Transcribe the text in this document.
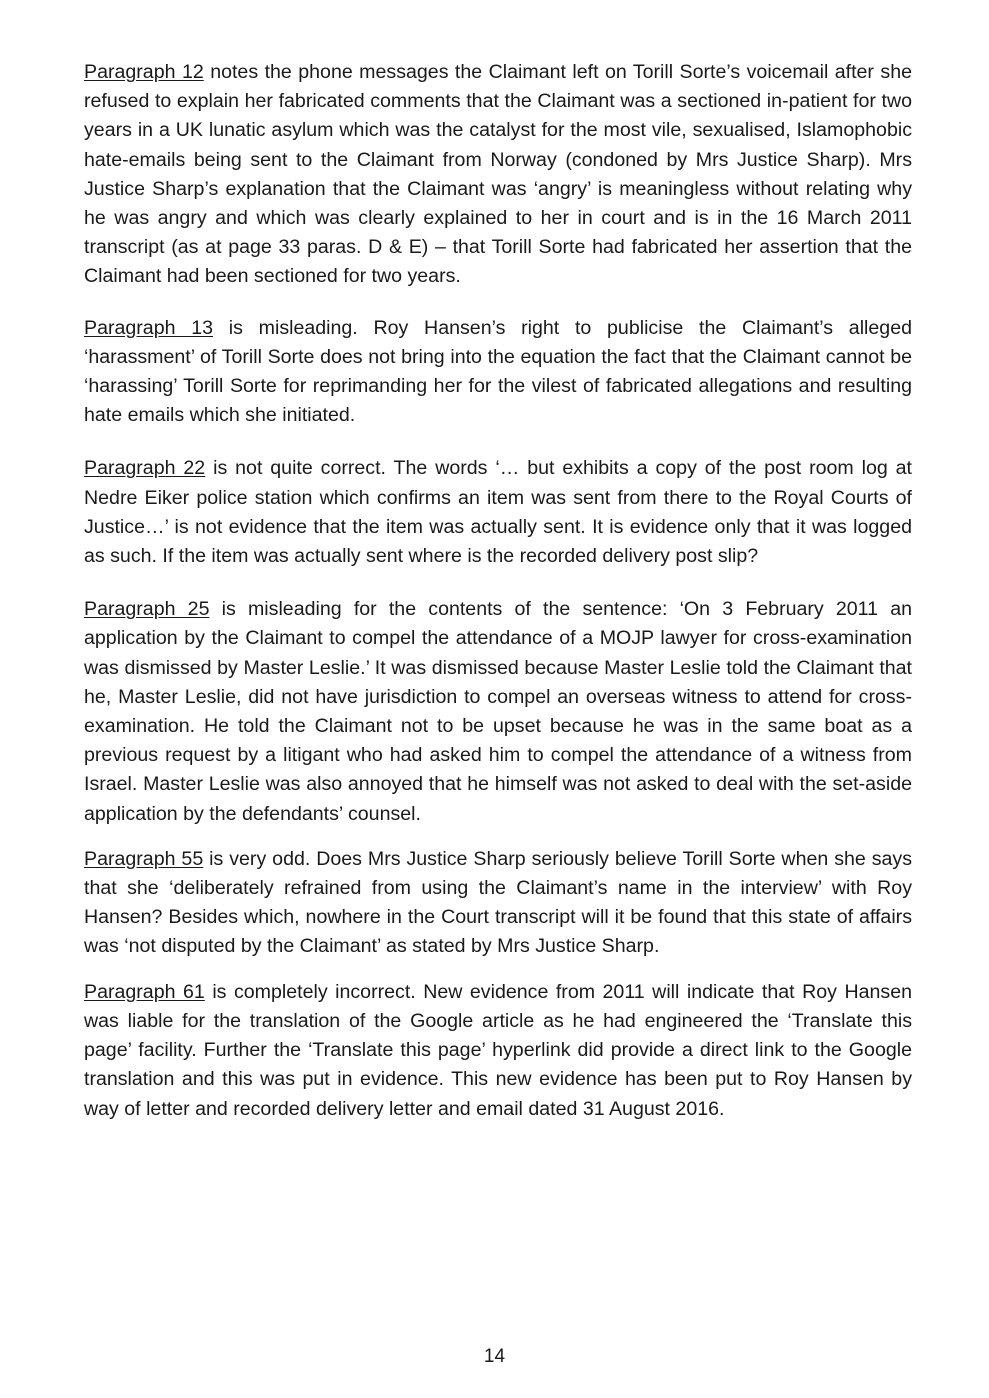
Paragraph 12 notes the phone messages the Claimant left on Torill Sorte’s voicemail after she refused to explain her fabricated comments that the Claimant was a sectioned in-patient for two years in a UK lunatic asylum which was the catalyst for the most vile, sexualised, Islamophobic hate-emails being sent to the Claimant from Norway (condoned by Mrs Justice Sharp). Mrs Justice Sharp’s explanation that the Claimant was ‘angry’ is meaningless without relating why he was angry and which was clearly explained to her in court and is in the 16 March 2011 transcript (as at page 33 paras. D & E) – that Torill Sorte had fabricated her assertion that the Claimant had been sectioned for two years.

Paragraph 13 is misleading. Roy Hansen’s right to publicise the Claimant’s alleged ‘harassment’ of Torill Sorte does not bring into the equation the fact that the Claimant cannot be ‘harassing’ Torill Sorte for reprimanding her for the vilest of fabricated allegations and resulting hate emails which she initiated.

Paragraph 22 is not quite correct. The words ‘… but exhibits a copy of the post room log at Nedre Eiker police station which confirms an item was sent from there to the Royal Courts of Justice…’ is not evidence that the item was actually sent. It is evidence only that it was logged as such. If the item was actually sent where is the recorded delivery post slip?

Paragraph 25 is misleading for the contents of the sentence: ‘On 3 February 2011 an application by the Claimant to compel the attendance of a MOJP lawyer for cross-examination was dismissed by Master Leslie.’ It was dismissed because Master Leslie told the Claimant that he, Master Leslie, did not have jurisdiction to compel an overseas witness to attend for cross-examination. He told the Claimant not to be upset because he was in the same boat as a previous request by a litigant who had asked him to compel the attendance of a witness from Israel. Master Leslie was also annoyed that he himself was not asked to deal with the set-aside application by the defendants’ counsel.

Paragraph 55 is very odd. Does Mrs Justice Sharp seriously believe Torill Sorte when she says that she ‘deliberately refrained from using the Claimant’s name in the interview’ with Roy Hansen? Besides which, nowhere in the Court transcript will it be found that this state of affairs was ‘not disputed by the Claimant’ as stated by Mrs Justice Sharp.

Paragraph 61 is completely incorrect. New evidence from 2011 will indicate that Roy Hansen was liable for the translation of the Google article as he had engineered the ‘Translate this page’ facility. Further the ‘Translate this page’ hyperlink did provide a direct link to the Google translation and this was put in evidence. This new evidence has been put to Roy Hansen by way of letter and recorded delivery letter and email dated 31 August 2016.

14
